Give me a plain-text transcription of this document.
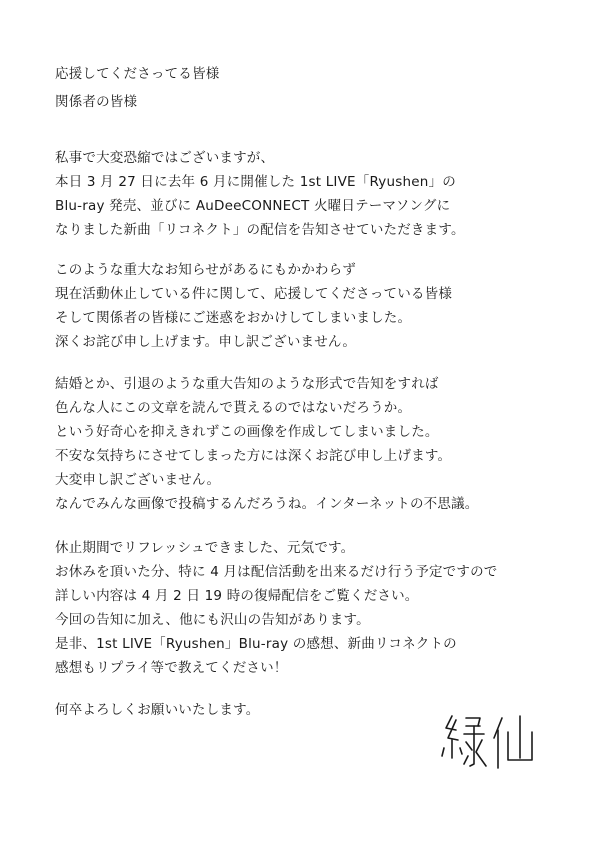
応援してくださってる皆様
関係者の皆様
私事で大変恐縮ではございますが、
本日 3 月 27 日に去年 6 月に開催した 1st LIVE「Ryushen」の
Blu-ray 発売、並びに AuDeeCONNECT 火曜日テーマソングに
なりました新曲「リコネクト」の配信を告知させていただきます。
このような重大なお知らせがあるにもかかわらず
現在活動休止している件に関して、応援してくださっている皆様
そして関係者の皆様にご迷惑をおかけしてしまいました。
深くお詫び申し上げます。申し訳ございません。
結婚とか、引退のような重大告知のような形式で告知をすれば
色んな人にこの文章を読んで貰えるのではないだろうか。
という好奇心を抑えきれずこの画像を作成してしまいました。
不安な気持ちにさせてしまった方には深くお詫び申し上げます。
大変申し訳ございません。
なんでみんな画像で投稿するんだろうね。インターネットの不思議。
休止期間でリフレッシュできました、元気です。
お休みを頂いた分、特に 4 月は配信活動を出来るだけ行う予定ですので
詳しい内容は 4 月 2 日 19 時の復帰配信をご覧ください。
今回の告知に加え、他にも沢山の告知があります。
是非、1st LIVE「Ryushen」Blu-ray の感想、新曲リコネクトの
感想もリプライ等で教えてください！
何卒よろしくお願いいたします。
